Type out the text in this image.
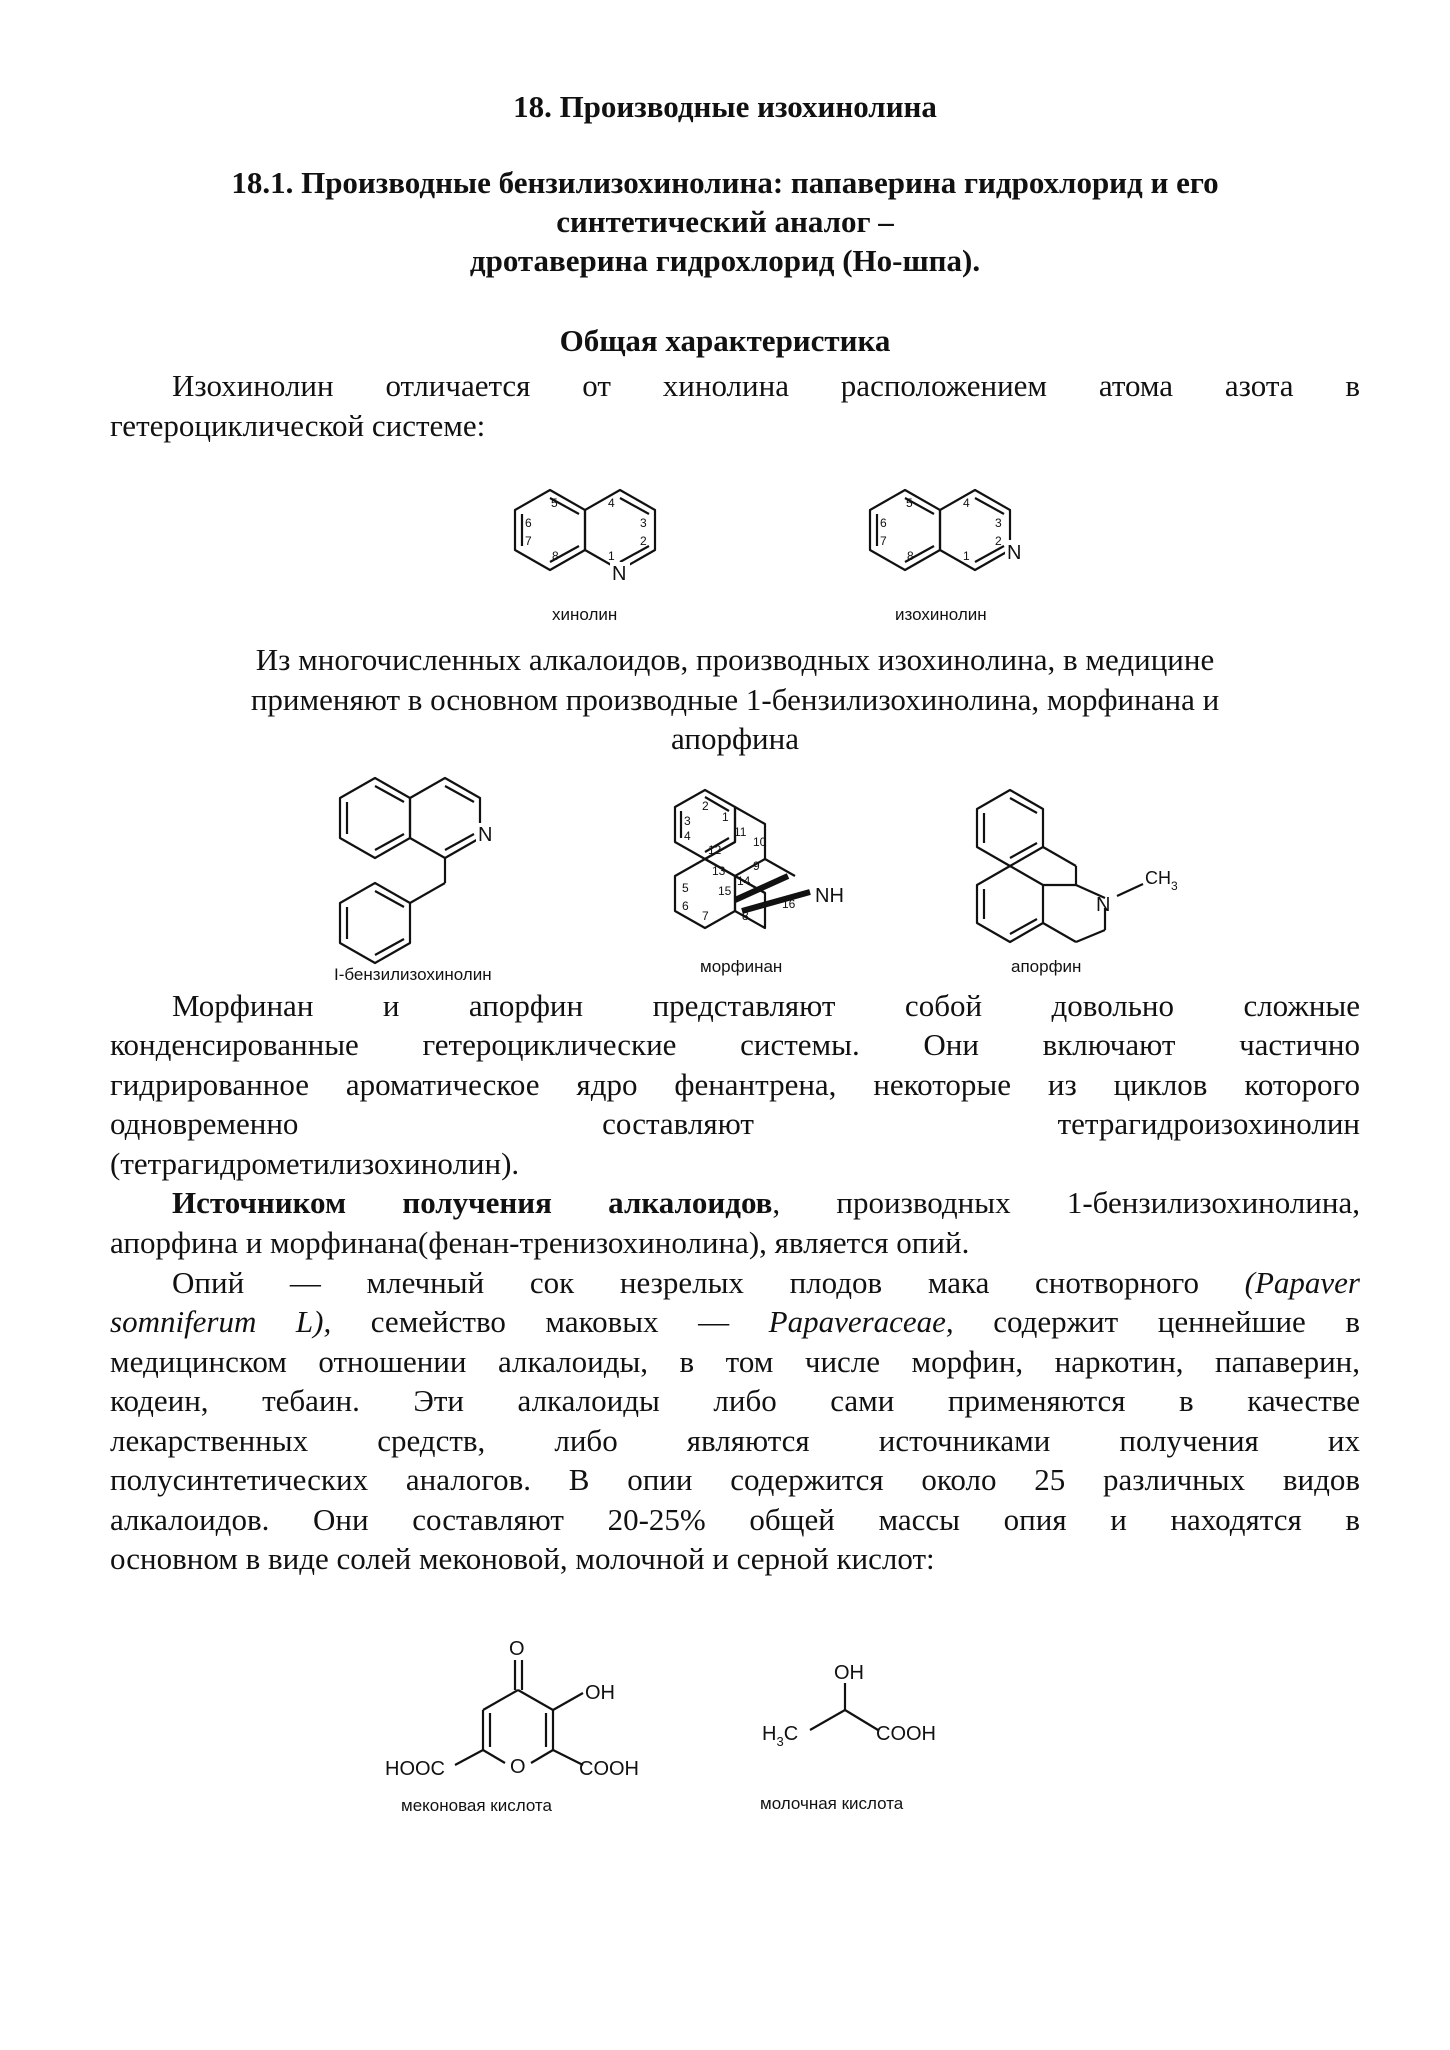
18. Производные изохинолина
18.1. Производные бензилизохинолина: папаверина гидрохлорид и его
синтетический аналог –
дротаверина гидрохлорид (Но-шпа).
Общая характеристика
Изохинолин отличается от хинолина расположением атома азота в
гетероциклической системе:
N
5	4
3
6
2
7
1
8
хинолин
N
5	4
3
6
2
7
1
8
изохинолин
Из многочисленных алкалоидов, производных изохинолина, в медицине
применяют в основном производные 1-бензилизохинолина, морфинана и
апорфина
N
I-бензилизохинолин
NH
2
1
3
4	11
10
12
9
13
14
15
16
5
6
7	8
морфинан
N
$CH_3$
апорфин
Морфинан и апорфин представляют собой довольно сложные
конденсированные гетероциклические системы. Они включают частично
гидрированное ароматическое ядро фенантрена, некоторые из циклов которого
одновременно составляют тетрагидроизохинолин
(тетрагидрометилизохинолин).
Источником получения алкалоидов, производных 1-бензилизохинолина,
апорфина и морфинана(фенан-тренизохинолина), является опий.
Опий — млечный сок незрелых плодов мака снотворного (Papaver
somniferum L), семейство маковых — Papaveraceae, содержит ценнейшие в
медицинском отношении алкалоиды, в том числе морфин, наркотин, папаверин,
кодеин, тебаин. Эти алкалоиды либо сами применяются в качестве
лекарственных средств, либо являются источниками получения их
полусинтетических аналогов. В опии содержится около 25 различных видов
алкалоидов. Они составляют 20-25% общей массы опия и находятся в
основном в виде солей меконовой, молочной и серной кислот:
O
OH
O
HOOC	COOH
меконовая кислота
OH
$H_3C$	COOH
молочная кислота
